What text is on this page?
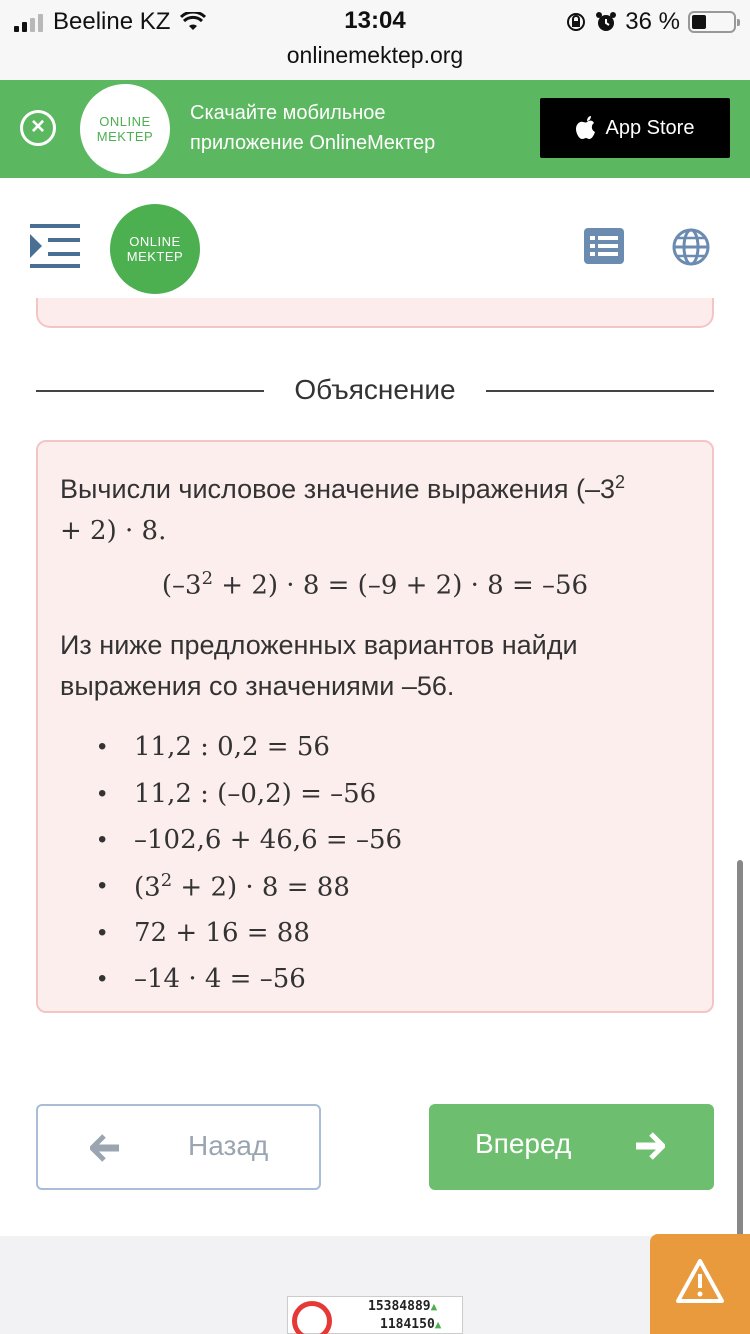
Beeline KZ	13:04
onlinemektep.org
36 %
×	ONLINE
MEKTEP
Скачайте мобильное
приложение OnlineMeктep
App Store
ONLINE
MEKTEP
Объяснение
Вычисли числовое значение выражения ($-3^2$
+ 2) · 8.
$(-3^2 + 2) \cdot 8 = (-9 + 2) \cdot 8 = -56$
Из ниже предложенных вариантов найди выражения со значениями –56.
• 11,2 : 0,2 = 56
• 11,2 : (–0,2) = –56
• –102,6 + 46,6 = –56
• $(3^2 + 2) \cdot 8 = 88$
• 72 + 16 = 88
• –14 · 4 = –56
Назад	Вперед
15384889▲
1184150▲
